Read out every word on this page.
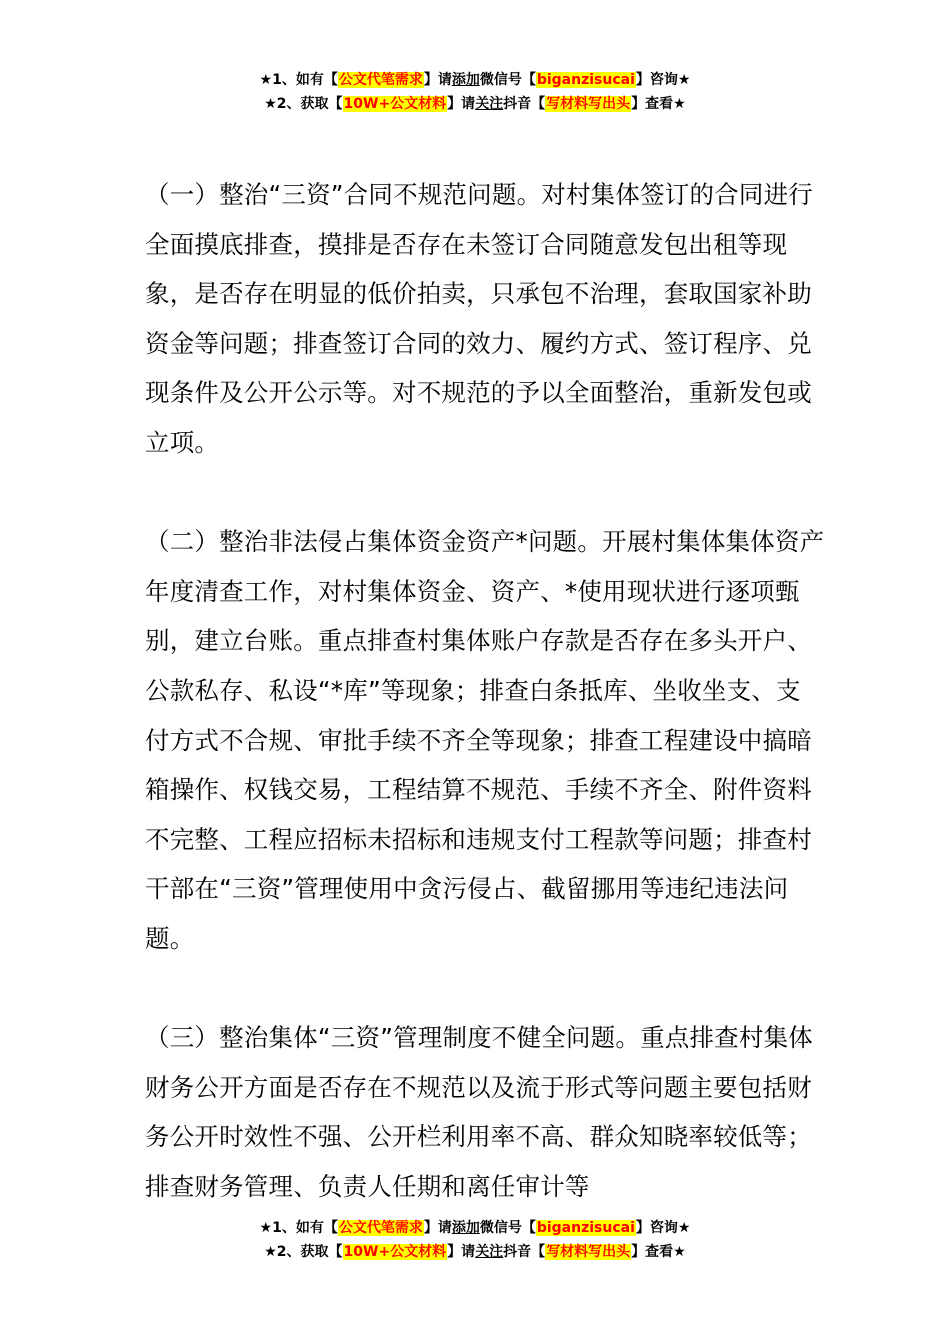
★1、如有【公文代笔需求】请添加微信号【biganzisucai】咨询★
★2、获取【10W+公文材料】请关注抖音【写材料写出头】查看★

（一）整治“三资”合同不规范问题。对村集体签订的合同进行全面摸底排查，摸排是否存在未签订合同随意发包出租等现象，是否存在明显的低价拍卖，只承包不治理，套取国家补助资金等问题；排查签订合同的效力、履约方式、签订程序、兑现条件及公开公示等。对不规范的予以全面整治，重新发包或立项。

（二）整治非法侵占集体资金资产*问题。开展村集体集体资产年度清查工作，对村集体资金、资产、*使用现状进行逐项甄别，建立台账。重点排查村集体账户存款是否存在多头开户、公款私存、私设“*库”等现象；排查白条抵库、坐收坐支、支付方式不合规、审批手续不齐全等现象；排查工程建设中搞暗箱操作、权钱交易，工程结算不规范、手续不齐全、附件资料不完整、工程应招标未招标和违规支付工程款等问题；排查村干部在“三资”管理使用中贪污侵占、截留挪用等违纪违法问题。

（三）整治集体“三资”管理制度不健全问题。重点排查村集体财务公开方面是否存在不规范以及流于形式等问题主要包括财务公开时效性不强、公开栏利用率不高、群众知晓率较低等；排查财务管理、负责人任期和离任审计等

★1、如有【公文代笔需求】请添加微信号【biganzisucai】咨询★
★2、获取【10W+公文材料】请关注抖音【写材料写出头】查看★
